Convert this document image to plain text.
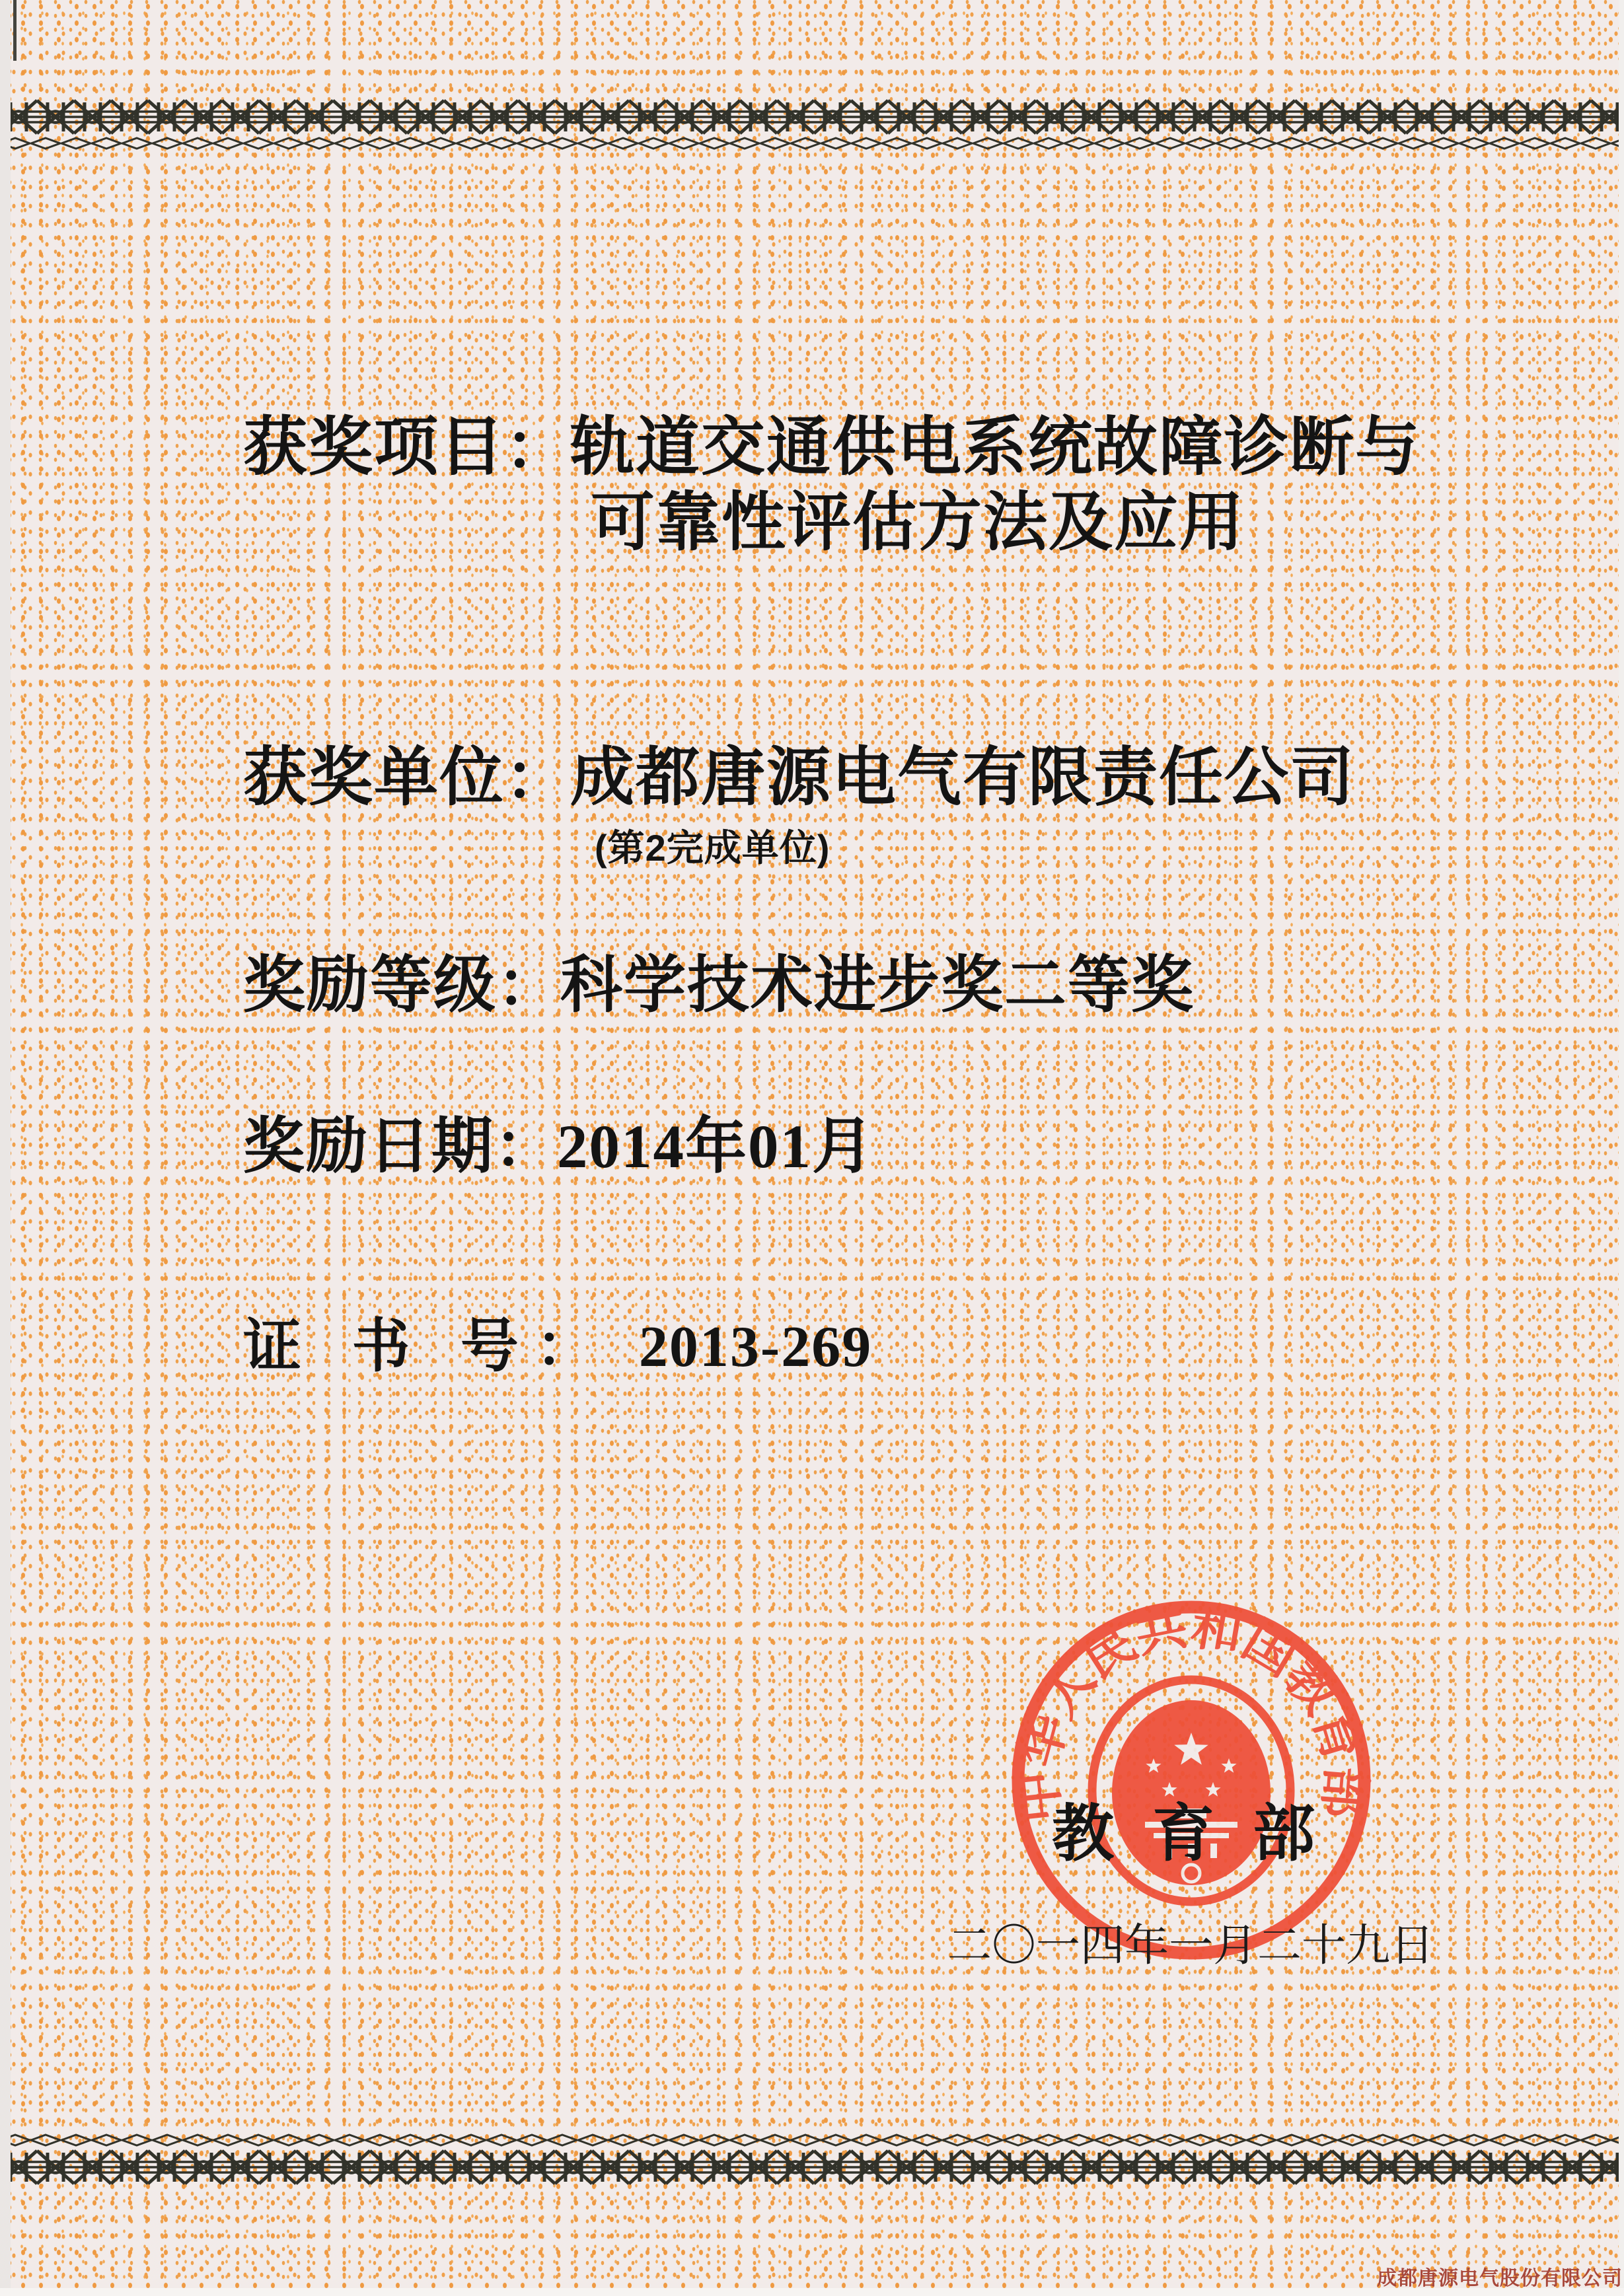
获奖项目：轨道交通供电系统故障诊断与
可靠性评估方法及应用
获奖单位：成都唐源电气有限责任公司
(第2完成单位)
奖励等级：科学技术进步奖二等奖
奖励日期：2014年01月
证 书 号： 2013-269
中华人民共和国教育部
教 育 部
二〇一四年一月二十九日
成都唐源电气股份有限公司
